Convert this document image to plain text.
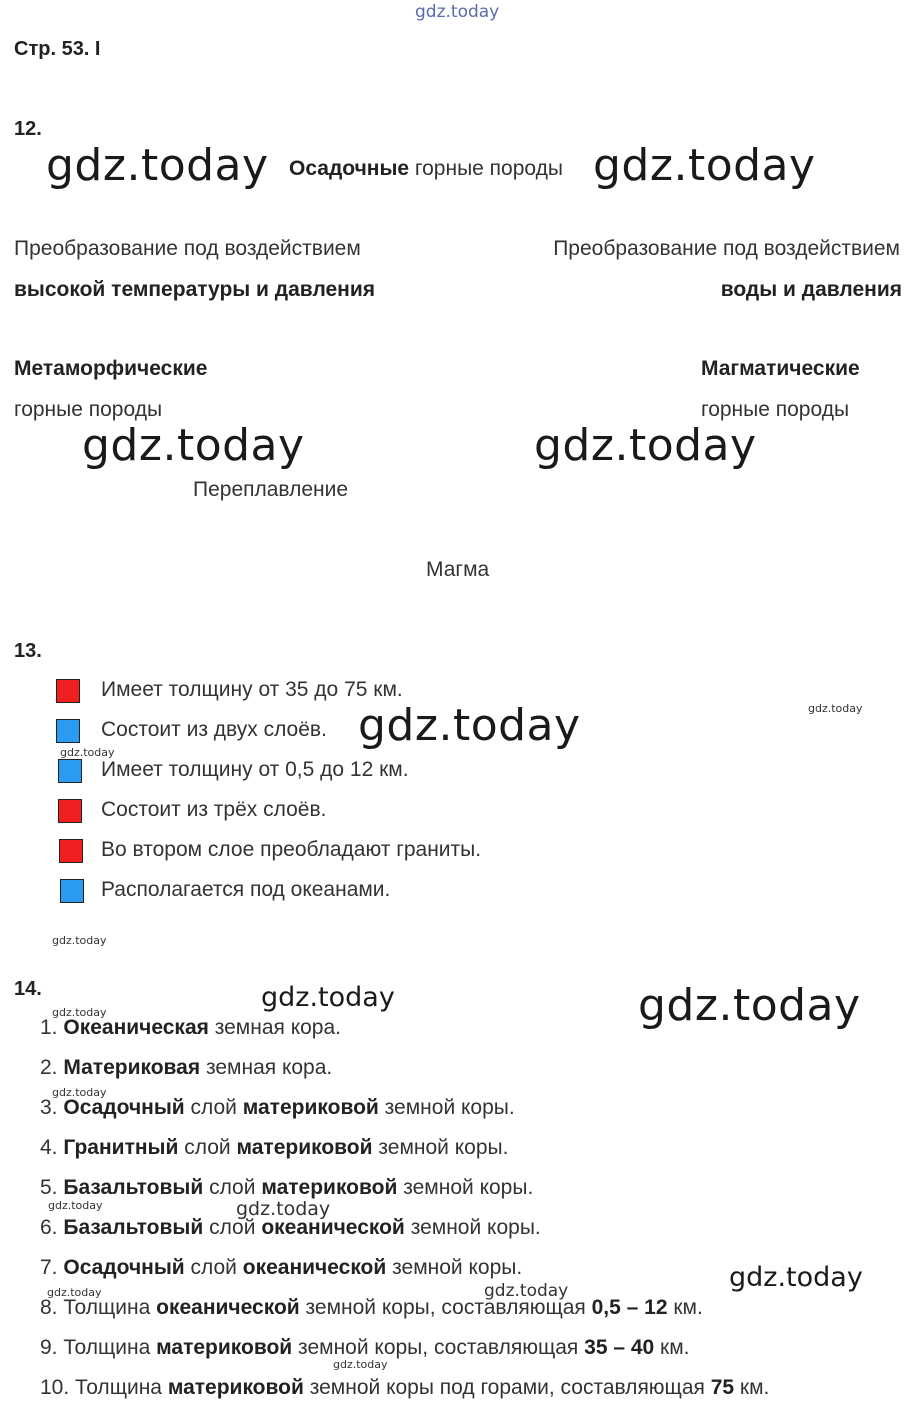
gdz.today
Стр. 53. I
12.
gdz.today Осадочные горные породы gdz.today
Преобразование под воздействием
высокой температуры и давления
Преобразование под воздействием
воды и давления
Метаморфические
горные породы
Магматические
горные породы
gdz.today	gdz.today
Переплавление
Магма
13.
Имеет толщину от 35 до 75 км.
Состоит из двух слоёв.
Имеет толщину от 0,5 до 12 км.
Состоит из трёх слоёв.
Во втором слое преобладают граниты.
Располагается под океанами.
gdz.today	gdz.today
gdz.today
gdz.today
14.	gdz.today	gdz.today
1. Океаническая земная кора.
2. Материковая земная кора.
3. Осадочный слой материковой земной коры.
4. Гранитный слой материковой земной коры.
5. Базальтовый слой материковой земной коры.
6. Базальтовый слой океанической земной коры.
7. Осадочный слой океанической земной коры.
8. Толщина океанической земной коры, составляющая 0,5 – 12 км.
9. Толщина материковой земной коры, составляющая 35 – 40 км.
10. Толщина материковой земной коры под горами, составляющая 75 км.
gdz.today
gdz.today
gdz.today
gdz.today
gdz.today
gdz.today
gdz.today	gdz.today
